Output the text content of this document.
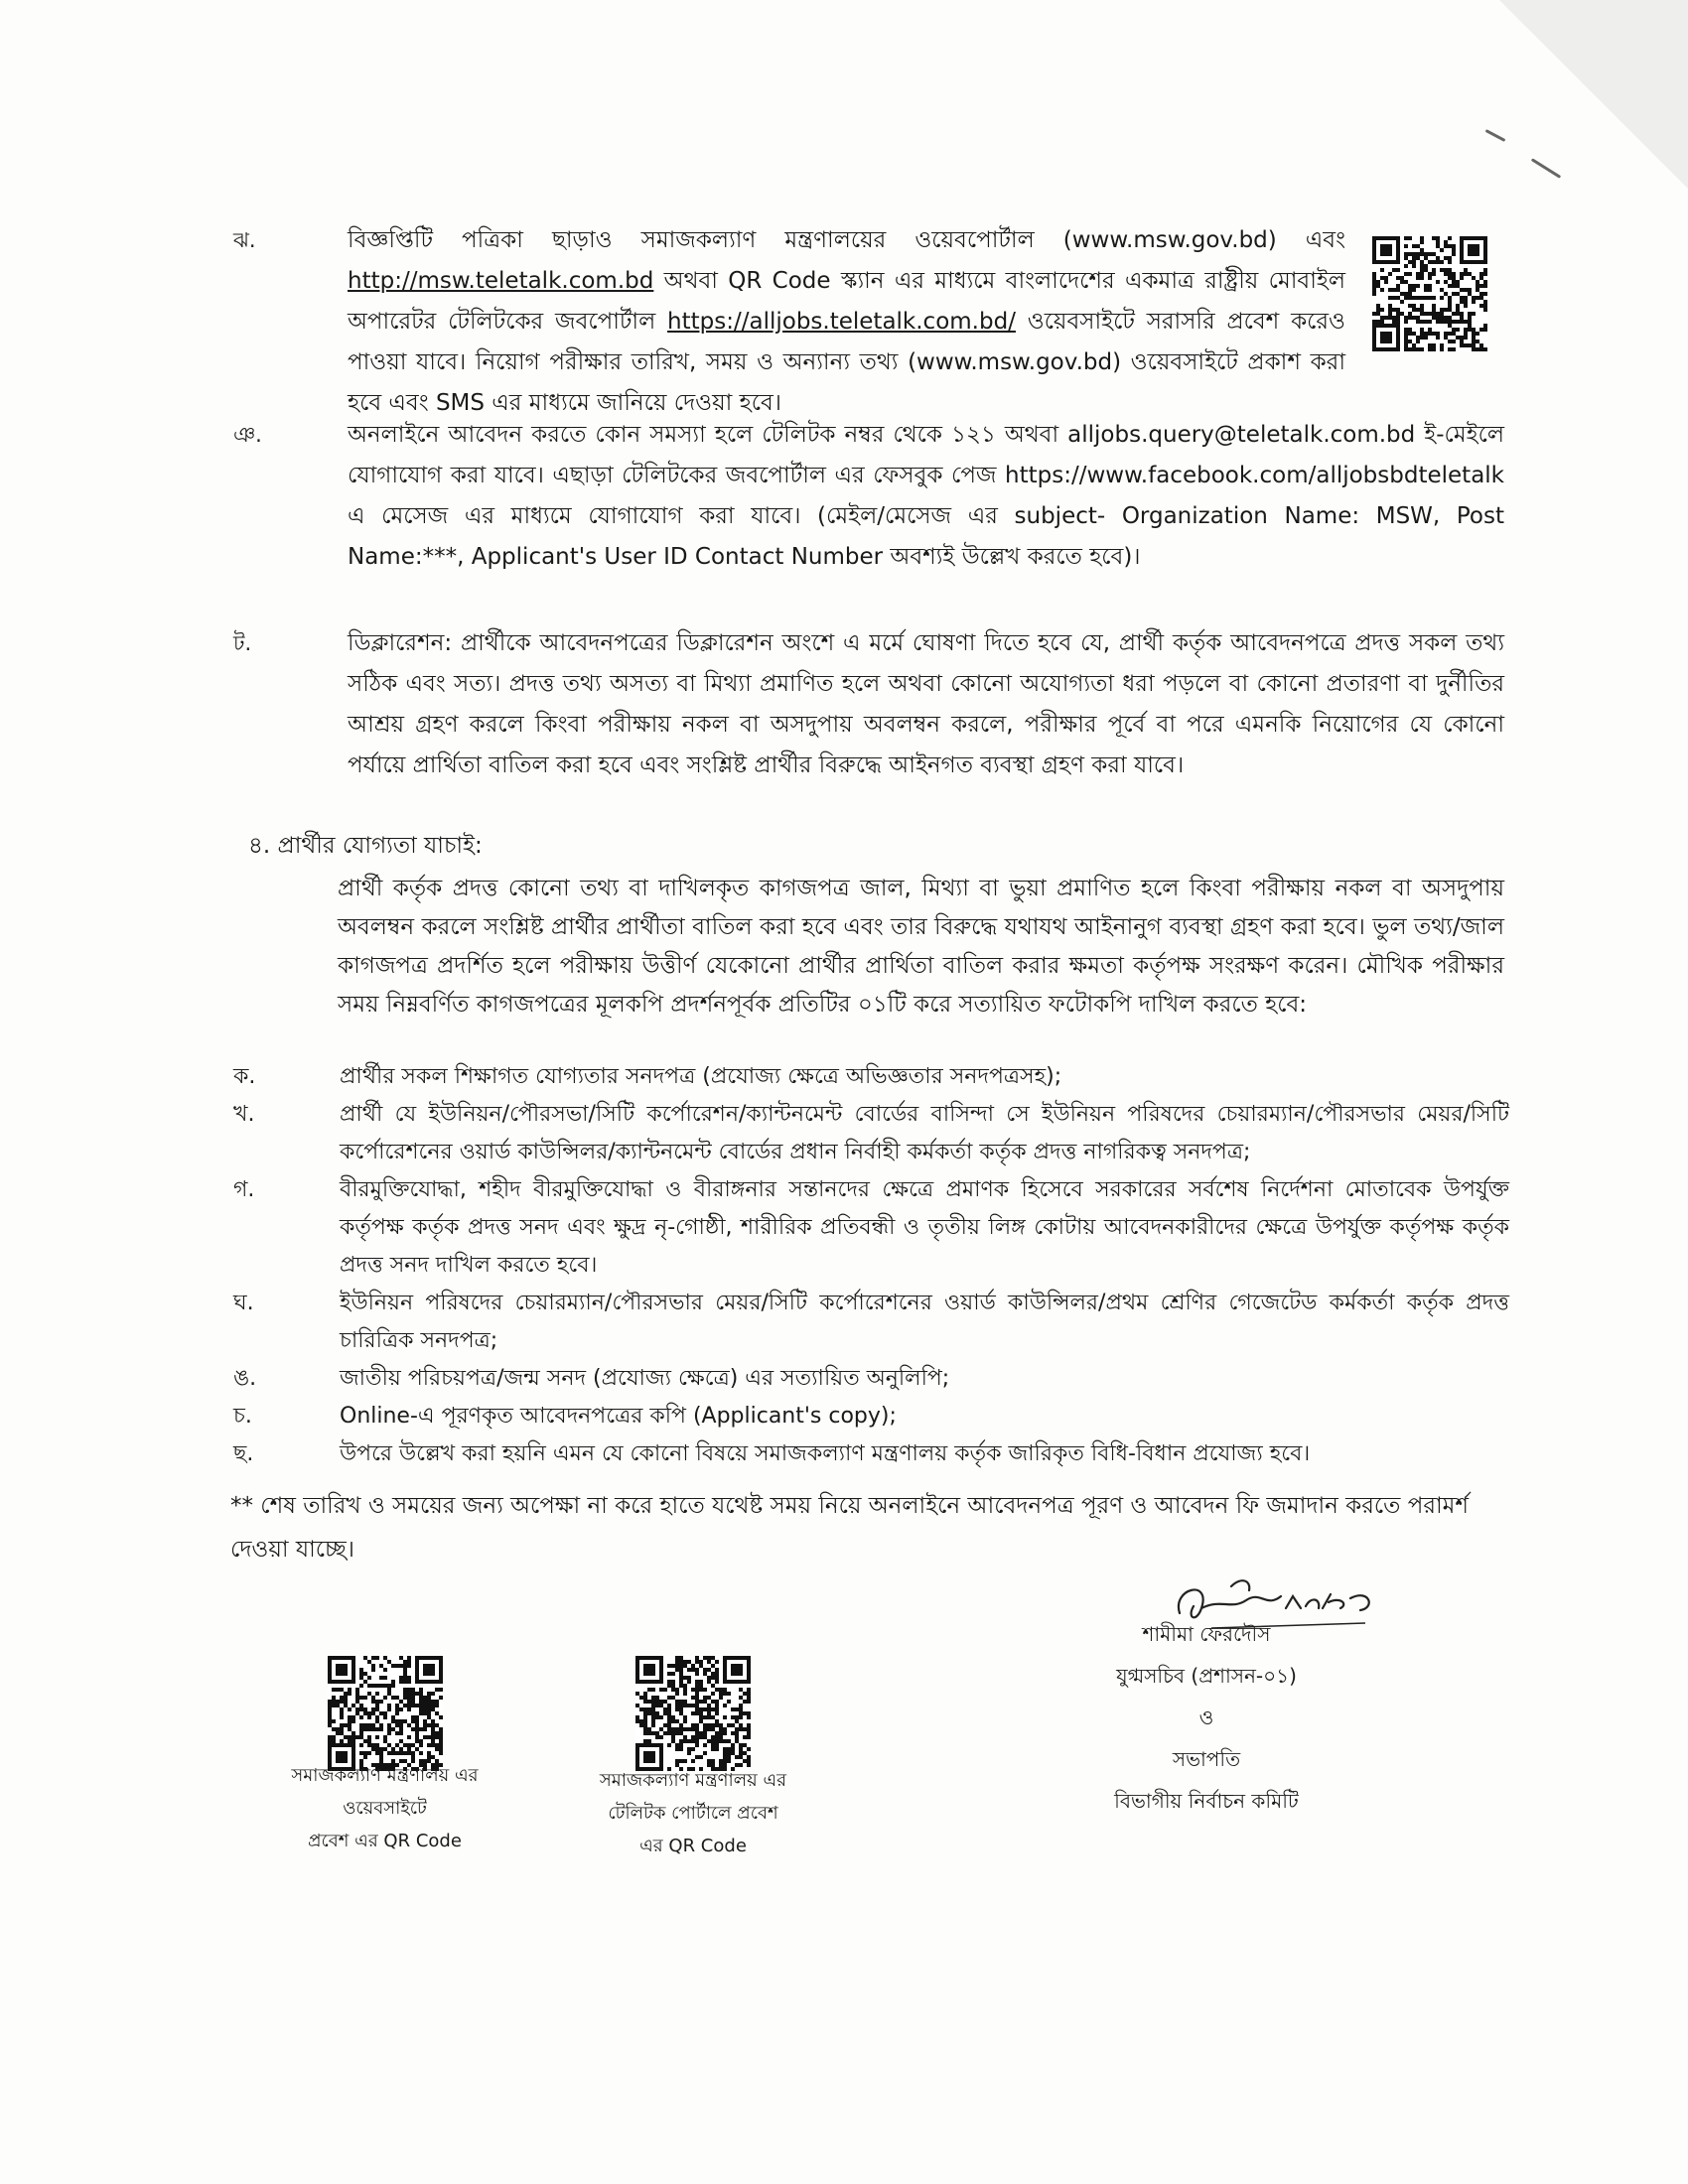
ঝ.	বিজ্ঞপ্তিটি পত্রিকা ছাড়াও সমাজকল্যাণ মন্ত্রণালয়ের ওয়েবপোর্টাল (www.msw.gov.bd) এবং http://msw.teletalk.com.bd অথবা QR Code স্ক্যান এর মাধ্যমে বাংলাদেশের একমাত্র রাষ্ট্রীয় মোবাইল অপারেটর টেলিটকের জবপোর্টাল https://alljobs.teletalk.com.bd/ ওয়েবসাইটে সরাসরি প্রবেশ করেও পাওয়া যাবে। নিয়োগ পরীক্ষার তারিখ, সময় ও অন্যান্য তথ্য (www.msw.gov.bd) ওয়েবসাইটে প্রকাশ করা হবে এবং SMS এর মাধ্যমে জানিয়ে দেওয়া হবে।
ঞ.	অনলাইনে আবেদন করতে কোন সমস্যা হলে টেলিটক নম্বর থেকে ১২১ অথবা alljobs.query@teletalk.com.bd ই-মেইলে যোগাযোগ করা যাবে। এছাড়া টেলিটকের জবপোর্টাল এর ফেসবুক পেজ https://www.facebook.com/alljobsbdteletalk এ মেসেজ এর মাধ্যমে যোগাযোগ করা যাবে। (মেইল/মেসেজ এর subject- Organization Name: MSW, Post Name:***, Applicant's User ID Contact Number অবশ্যই উল্লেখ করতে হবে)।
ট.	ডিক্লারেশন: প্রার্থীকে আবেদনপত্রের ডিক্লারেশন অংশে এ মর্মে ঘোষণা দিতে হবে যে, প্রার্থী কর্তৃক আবেদনপত্রে প্রদত্ত সকল তথ্য সঠিক এবং সত্য। প্রদত্ত তথ্য অসত্য বা মিথ্যা প্রমাণিত হলে অথবা কোনো অযোগ্যতা ধরা পড়লে বা কোনো প্রতারণা বা দুর্নীতির আশ্রয় গ্রহণ করলে কিংবা পরীক্ষায় নকল বা অসদুপায় অবলম্বন করলে, পরীক্ষার পূর্বে বা পরে এমনকি নিয়োগের যে কোনো পর্যায়ে প্রার্থিতা বাতিল করা হবে এবং সংশ্লিষ্ট প্রার্থীর বিরুদ্ধে আইনগত ব্যবস্থা গ্রহণ করা যাবে।
৪. প্রার্থীর যোগ্যতা যাচাই:
প্রার্থী কর্তৃক প্রদত্ত কোনো তথ্য বা দাখিলকৃত কাগজপত্র জাল, মিথ্যা বা ভুয়া প্রমাণিত হলে কিংবা পরীক্ষায় নকল বা অসদুপায় অবলম্বন করলে সংশ্লিষ্ট প্রার্থীর প্রার্থীতা বাতিল করা হবে এবং তার বিরুদ্ধে যথাযথ আইনানুগ ব্যবস্থা গ্রহণ করা হবে। ভুল তথ্য/জাল কাগজপত্র প্রদর্শিত হলে পরীক্ষায় উত্তীর্ণ যেকোনো প্রার্থীর প্রার্থিতা বাতিল করার ক্ষমতা কর্তৃপক্ষ সংরক্ষণ করেন। মৌখিক পরীক্ষার সময় নিম্নবর্ণিত কাগজপত্রের মূলকপি প্রদর্শনপূর্বক প্রতিটির ০১টি করে সত্যায়িত ফটোকপি দাখিল করতে হবে:
ক.	প্রার্থীর সকল শিক্ষাগত যোগ্যতার সনদপত্র (প্রযোজ্য ক্ষেত্রে অভিজ্ঞতার সনদপত্রসহ);
খ.	প্রার্থী যে ইউনিয়ন/পৌরসভা/সিটি কর্পোরেশন/ক্যান্টনমেন্ট বোর্ডের বাসিন্দা সে ইউনিয়ন পরিষদের চেয়ারম্যান/পৌরসভার মেয়র/সিটি কর্পোরেশনের ওয়ার্ড কাউন্সিলর/ক্যান্টনমেন্ট বোর্ডের প্রধান নির্বাহী কর্মকর্তা কর্তৃক প্রদত্ত নাগরিকত্ব সনদপত্র;
গ.	বীরমুক্তিযোদ্ধা, শহীদ বীরমুক্তিযোদ্ধা ও বীরাঙ্গনার সন্তানদের ক্ষেত্রে প্রমাণক হিসেবে সরকারের সর্বশেষ নির্দেশনা মোতাবেক উপর্যুক্ত কর্তৃপক্ষ কর্তৃক প্রদত্ত সনদ এবং ক্ষুদ্র নৃ-গোষ্ঠী, শারীরিক প্রতিবন্ধী ও তৃতীয় লিঙ্গ কোটায় আবেদনকারীদের ক্ষেত্রে উপর্যুক্ত কর্তৃপক্ষ কর্তৃক প্রদত্ত সনদ দাখিল করতে হবে।
ঘ.	ইউনিয়ন পরিষদের চেয়ারম্যান/পৌরসভার মেয়র/সিটি কর্পোরেশনের ওয়ার্ড কাউন্সিলর/প্রথম শ্রেণির গেজেটেড কর্মকর্তা কর্তৃক প্রদত্ত চারিত্রিক সনদপত্র;
ঙ.	জাতীয় পরিচয়পত্র/জন্ম সনদ (প্রযোজ্য ক্ষেত্রে) এর সত্যায়িত অনুলিপি;
চ.	Online-এ পূরণকৃত আবেদনপত্রের কপি (Applicant's copy);
ছ.	উপরে উল্লেখ করা হয়নি এমন যে কোনো বিষয়ে সমাজকল্যাণ মন্ত্রণালয় কর্তৃক জারিকৃত বিধি-বিধান প্রযোজ্য হবে।
** শেষ তারিখ ও সময়ের জন্য অপেক্ষা না করে হাতে যথেষ্ট সময় নিয়ে অনলাইনে আবেদনপত্র পূরণ ও আবেদন ফি জমাদান করতে পরামর্শ দেওয়া যাচ্ছে।
সমাজকল্যাণ মন্ত্রণালয় এর
ওয়েবসাইটে
প্রবেশ এর QR Code
সমাজকল্যাণ মন্ত্রণালয় এর
টেলিটক পোর্টালে প্রবেশ
এর QR Code
শামীমা ফেরদৌস
যুগ্মসচিব (প্রশাসন-০১)
ও
সভাপতি
বিভাগীয় নির্বাচন কমিটি
